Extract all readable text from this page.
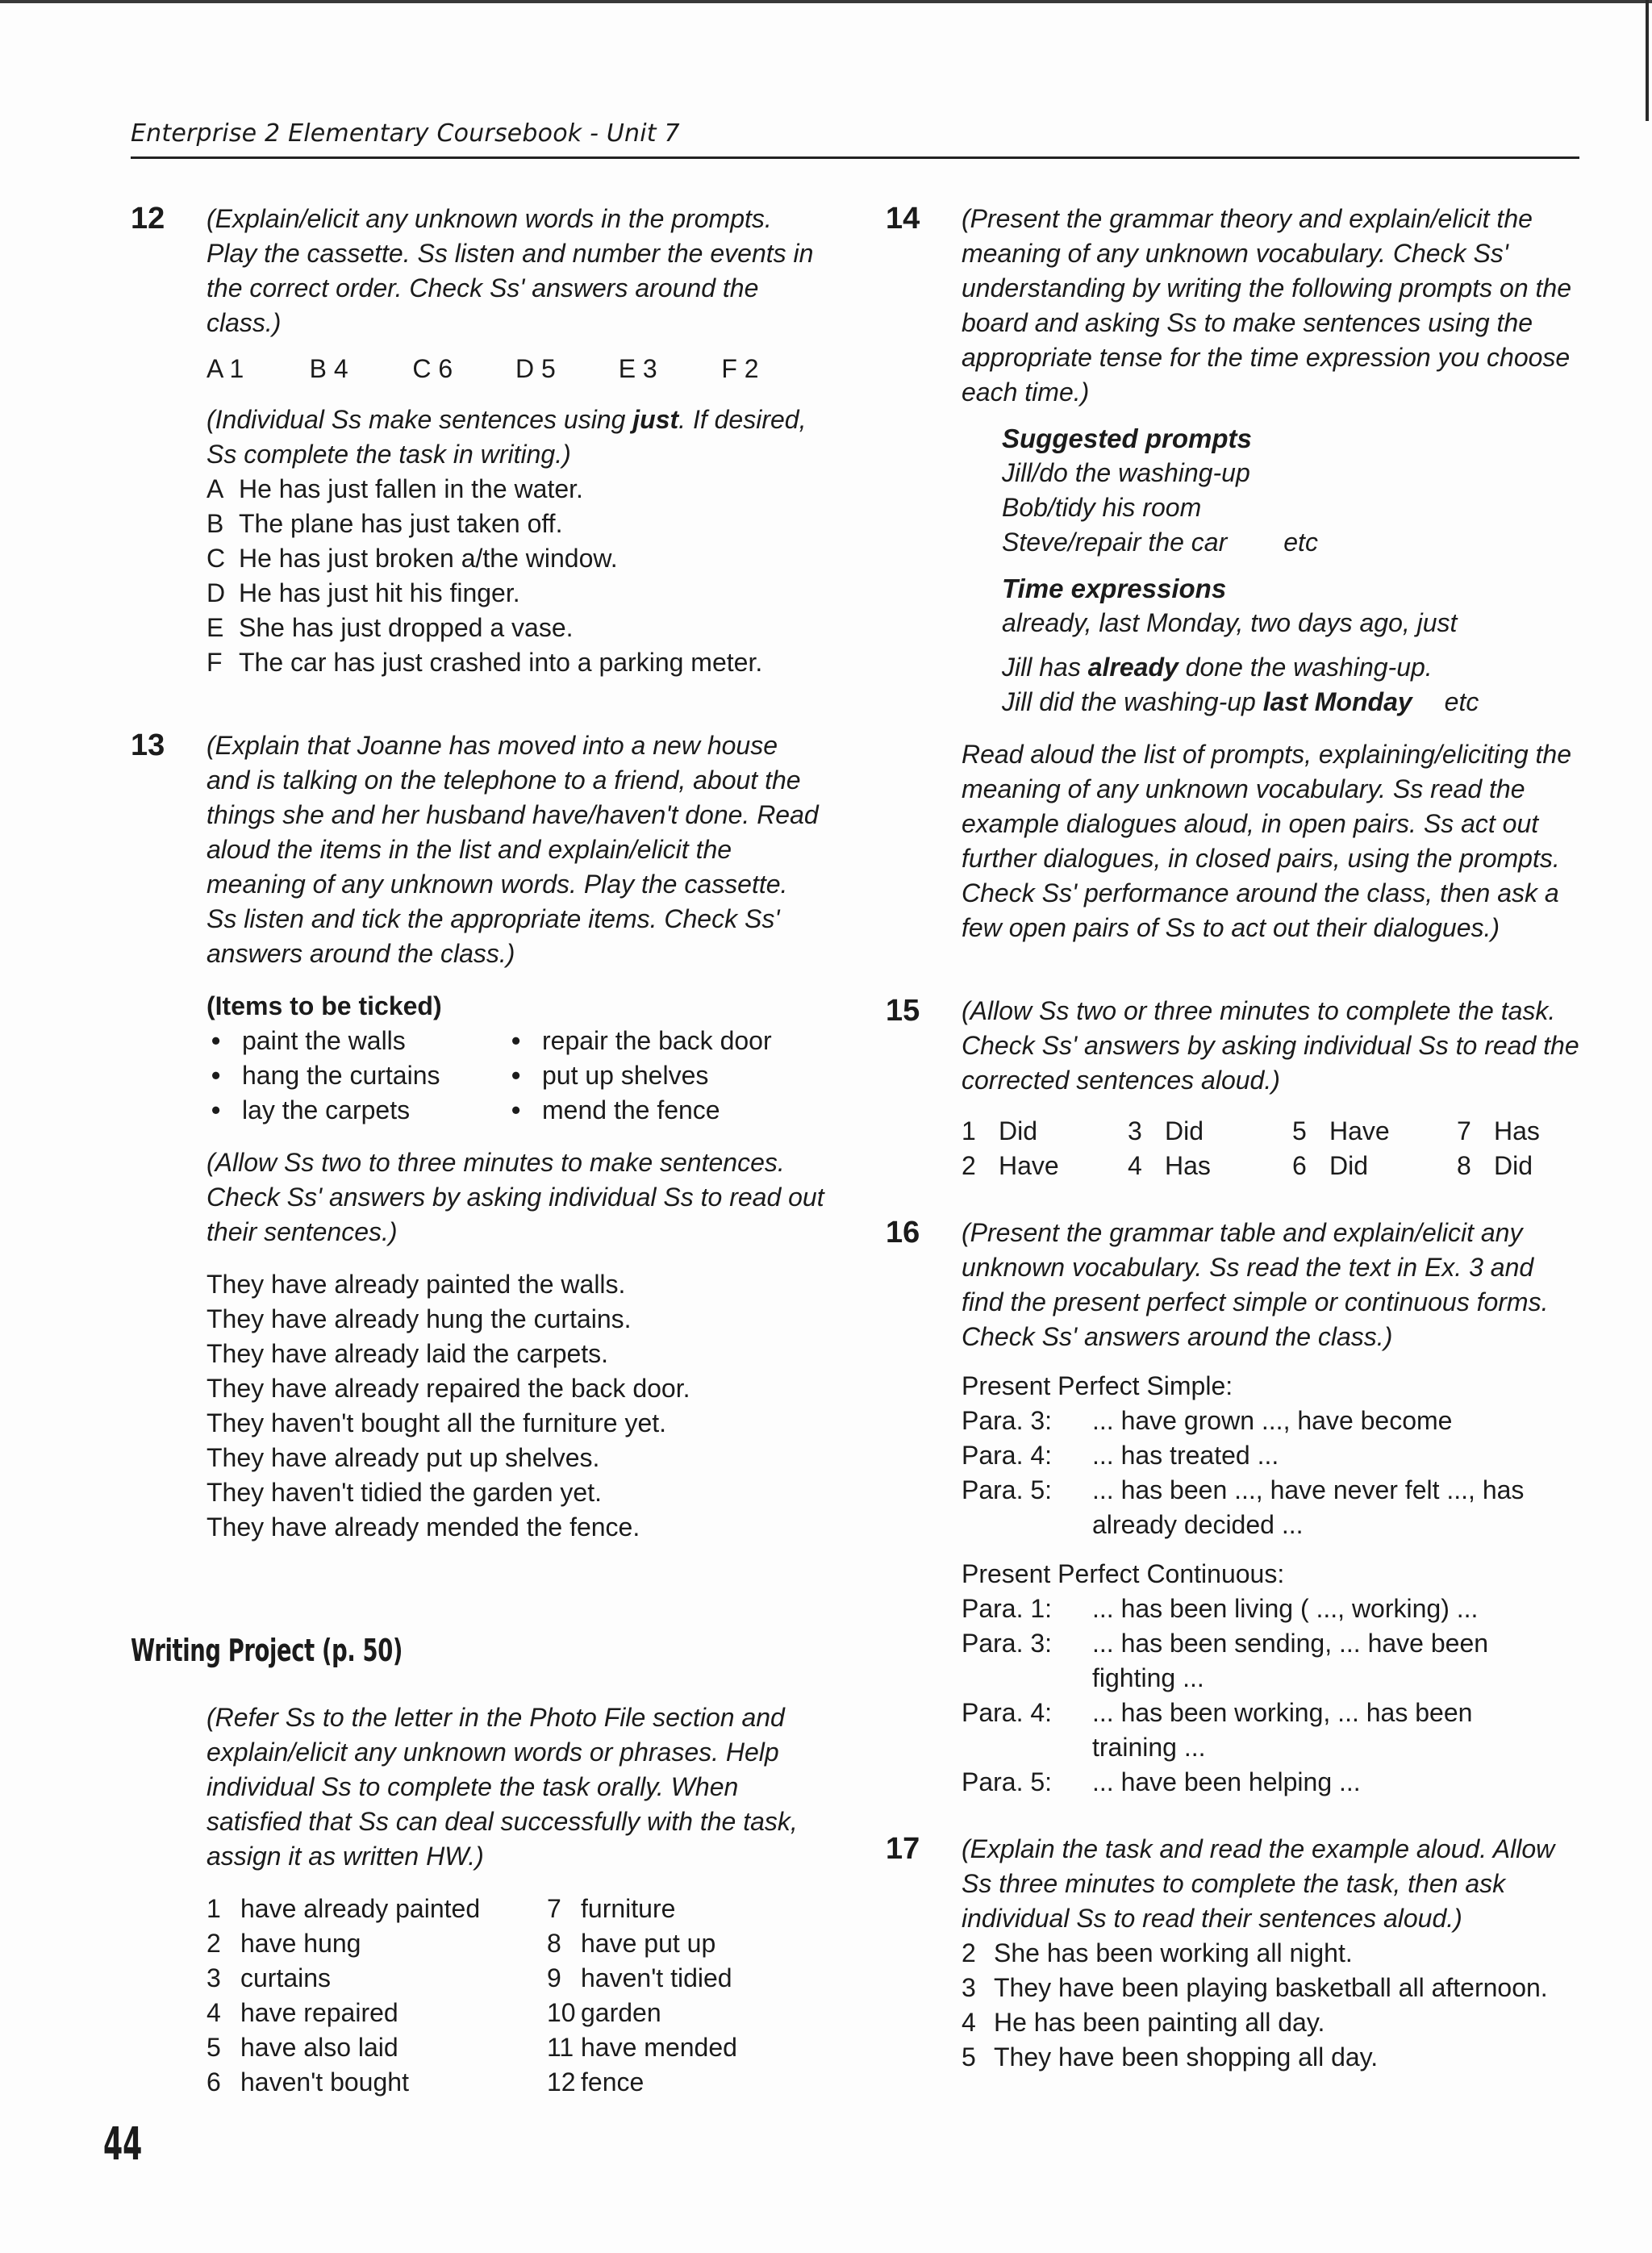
Enterprise 2 Elementary Coursebook - Unit 7
12 (Explain/elicit any unknown words in the prompts. Play the cassette. Ss listen and number the events in the correct order. Check Ss' answers around the class.)

A 1	B 4	C 6	D 5	E 3	F 2

(Individual Ss make sentences using just. If desired, Ss complete the task in writing.)

A He has just fallen in the water.
B The plane has just taken off.
C He has just broken a/the window.
D He has just hit his finger.
E She has just dropped a vase.
F The car has just crashed into a parking meter.
13 (Explain that Joanne has moved into a new house and is talking on the telephone to a friend, about the things she and her husband have/haven't done. Read aloud the items in the list and explain/elicit the meaning of any unknown words. Play the cassette. Ss listen and tick the appropriate items. Check Ss' answers around the class.)

(Items to be ticked)

• paint the walls	• repair the back door
• hang the curtains	• put up shelves
• lay the carpets	• mend the fence

(Allow Ss two to three minutes to make sentences. Check Ss' answers by asking individual Ss to read out their sentences.)

They have already painted the walls.
They have already hung the curtains.
They have already laid the carpets.
They have already repaired the back door.
They haven't bought all the furniture yet.
They have already put up shelves.
They haven't tidied the garden yet.
They have already mended the fence.
Writing Project (p. 50)

(Refer Ss to the letter in the Photo File section and explain/elicit any unknown words or phrases. Help individual Ss to complete the task orally. When satisfied that Ss can deal successfully with the task, assign it as written HW.)

1 have already painted	7 furniture
2 have hung	8 have put up
3 curtains	9 haven't tidied
4 have repaired	10 garden
5 have also laid	11 have mended
6 haven't bought	12 fence
14 (Present the grammar theory and explain/elicit the meaning of any unknown vocabulary. Check Ss' understanding by writing the following prompts on the board and asking Ss to make sentences using the appropriate tense for the time expression you choose each time.)

Suggested prompts
Jill/do the washing-up
Bob/tidy his room
Steve/repair the car etc
Time expressions
already, last Monday, two days ago, just
Jill has already done the washing-up.
Jill did the washing-up last Monday etc

Read aloud the list of prompts, explaining/eliciting the meaning of any unknown vocabulary. Ss read the example dialogues aloud, in open pairs. Ss act out further dialogues, in closed pairs, using the prompts. Check Ss' performance around the class, then ask a few open pairs of Ss to act out their dialogues.)

15 (Allow Ss two or three minutes to complete the task. Check Ss' answers by asking individual Ss to read the corrected sentences aloud.)

1 Did	3 Did	5 Have	7 Has
2 Have	4 Has	6 Did	8 Did
16 (Present the grammar table and explain/elicit any unknown vocabulary. Ss read the text in Ex. 3 and find the present perfect simple or continuous forms. Check Ss' answers around the class.)

Present Perfect Simple:
Para. 3:	... have grown ..., have become
Para. 4:	... has treated ...
Para. 5:	... has been ..., have never felt ..., has already decided ...
Present Perfect Continuous:
Para. 1:	... has been living ( ..., working) ...
Para. 3:	... has been sending, ... have been fighting ...
Para. 4:	... has been working, ... has been training ...
Para. 5:	... have been helping ...
17 (Explain the task and read the example aloud. Allow Ss three minutes to complete the task, then ask individual Ss to read their sentences aloud.)

2 She has been working all night.
3 They have been playing basketball all afternoon.
4 He has been painting all day.
5 They have been shopping all day.
44
